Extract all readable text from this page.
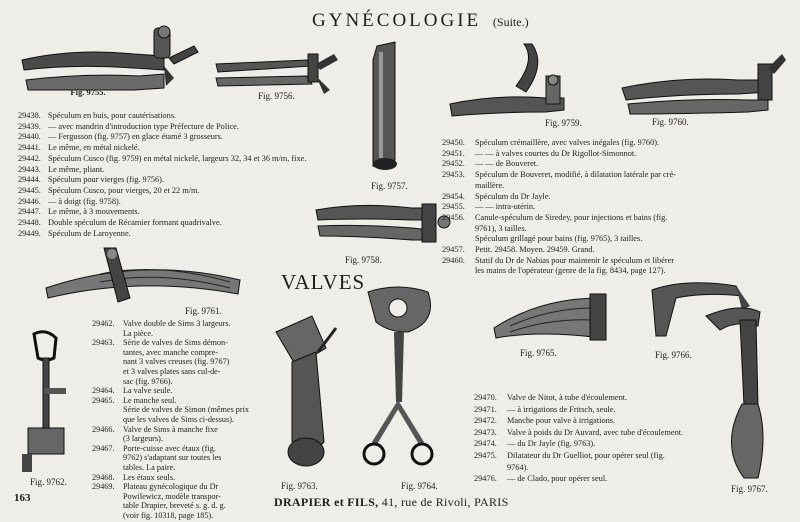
GYNÉCOLOGIE (Suite.)
Fig. 9755.	Fig. 9756.
Fig. 9757.
Fig. 9759.	Fig. 9760.
Fig. 9758.
Fig. 9761.
Fig. 9762.	Fig. 9763.	Fig. 9764.
Fig. 9765.	Fig. 9766.
Fig. 9767.
29438. Spéculum en buis, pour cautérisations.
29439. — avec mandrin d'introduction type Préfecture de Police.
29440. — Fergusson (fig. 9757) en glace étamé 3 grosseurs.
29441. Le même, en métal nickelé.
29442. Spéculum Cusco (fig. 9759) en métal nickelé, largeurs 32, 34 et 36 m/m, fixe.
29443. Le même, pliant.
29444. Spéculum pour vierges (fig. 9756).
29445. Spéculum Cusco, pour vierges, 20 et 22 m/m.
29446. — à doigt (fig. 9758).
29447. Le même, à 3 mouvements.
29448. Double spéculum de Récamier formant quadrivalve.
29449. Spéculum de Laroyenne.
29450.	Spéculum crémaillère, avec valves inégales (fig. 9760).
29451.	— — à valves courtes du Dr Rigollot-Simonnot.
29452.	— — de Bouveret.
29453.	Spéculum de Bouveret, modifié, à dilatation latérale par cré-
maillère.
29454.	Spéculum du Dr Jayle.
29455.	— — intra-utérin.
29456.	Canule-spéculum de Siredey, pour injections et bains (fig.
9761), 3 tailles.
Spéculum grillagé pour bains (fig. 9765), 3 tailles.
29457.	Petit. 29458. Moyen. 29459. Grand.
29460.	Statif du Dr de Nabias pour maintenir le spéculum et libérer
les mains de l'opérateur (genre de la fig. 8434, page 127).
VALVES
29462.	Valve double de Sims 3 largeurs.
La pièce.
29463.	Série de valves de Sims démon-
tantes, avec manche compre-
nant 3 valves creuses (fig. 9767)
et 3 valves plates sans cul-de-
sac (fig. 9766).
29464.	La valve seule.
29465.	Le manche seul.
Série de valves de Simon (mêmes prix
que les valves de Sims ci-dessus).
29466.	Valve de Sims à manche fixe
(3 largeurs).
29467.	Porte-cuisse avec étaux (fig.
9762) s'adaptant sur toutes les
tables. La paire.
29468.	Les étaux seuls.
29469.	Plateau gynécologique du Dr
Powilewicz, modèle transpor-
table Drapier, breveté s. g. d. g.
(voir fig. 10318, page 185).
29470.	Valve de Nitot, à tube d'écoulement.
29471.	— à irrigations de Fritsch, seule.
29472.	Manche pour valve à irrigations.
29473.	Valve à poids du Dr Auvard, avec tube d'écoulement.
29474.	— du Dr Jayle (fig. 9763).
29475.	Dilatateur du Dr Guelliot, pour opérer seul (fig.
9764).
29476.	— de Clado, pour opérer seul.
163	DRAPIER et FILS, 41, rue de Rivoli, PARIS
